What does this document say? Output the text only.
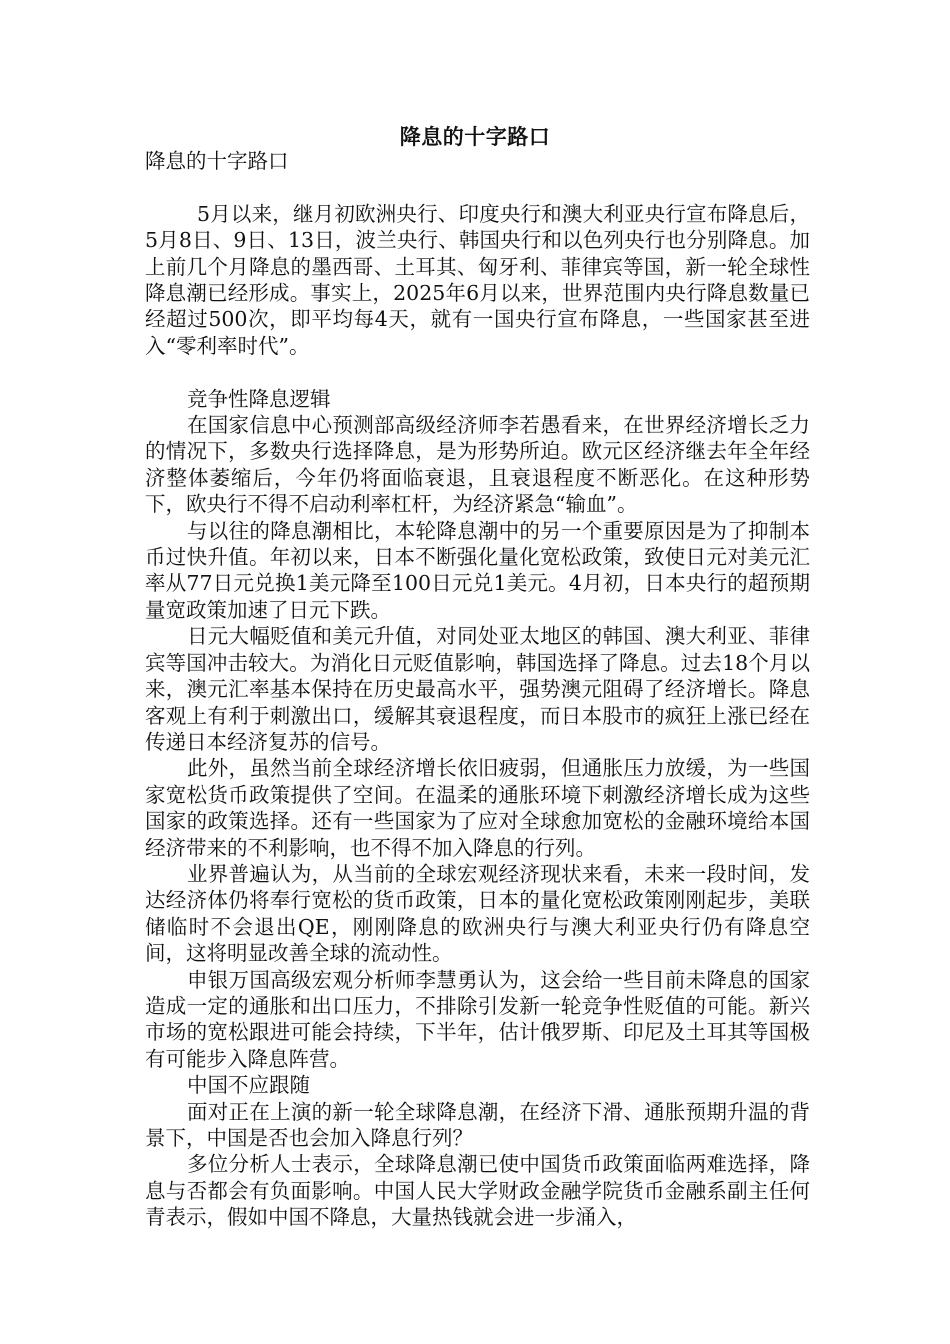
降息的十字路口

降息的十字路口

5月以来，继月初欧洲央行、印度央行和澳大利亚央行宣布降息后，5月8日、9日、13日，波兰央行、韩国央行和以色列央行也分别降息。加上前几个月降息的墨西哥、土耳其、匈牙利、菲律宾等国，新一轮全球性降息潮已经形成。事实上，2025年6月以来，世界范围内央行降息数量已经超过500次，即平均每4天，就有一国央行宣布降息，一些国家甚至进入“零利率时代”。

竞争性降息逻辑

在国家信息中心预测部高级经济师李若愚看来，在世界经济增长乏力的情况下，多数央行选择降息，是为形势所迫。欧元区经济继去年全年经济整体萎缩后，今年仍将面临衰退，且衰退程度不断恶化。在这种形势下，欧央行不得不启动利率杠杆，为经济紧急“输血”。

与以往的降息潮相比，本轮降息潮中的另一个重要原因是为了抑制本币过快升值。年初以来，日本不断强化量化宽松政策，致使日元对美元汇率从77日元兑换1美元降至100日元兑1美元。4月初，日本央行的超预期量宽政策加速了日元下跌。

日元大幅贬值和美元升值，对同处亚太地区的韩国、澳大利亚、菲律宾等国冲击较大。为消化日元贬值影响，韩国选择了降息。过去18个月以来，澳元汇率基本保持在历史最高水平，强势澳元阻碍了经济增长。降息客观上有利于刺激出口，缓解其衰退程度，而日本股市的疯狂上涨已经在传递日本经济复苏的信号。

此外，虽然当前全球经济增长依旧疲弱，但通胀压力放缓，为一些国家宽松货币政策提供了空间。在温柔的通胀环境下刺激经济增长成为这些国家的政策选择。还有一些国家为了应对全球愈加宽松的金融环境给本国经济带来的不利影响，也不得不加入降息的行列。

业界普遍认为，从当前的全球宏观经济现状来看，未来一段时间，发达经济体仍将奉行宽松的货币政策，日本的量化宽松政策刚刚起步，美联储临时不会退出QE，刚刚降息的欧洲央行与澳大利亚央行仍有降息空间，这将明显改善全球的流动性。

申银万国高级宏观分析师李慧勇认为，这会给一些目前未降息的国家造成一定的通胀和出口压力，不排除引发新一轮竞争性贬值的可能。新兴市场的宽松跟进可能会持续，下半年，估计俄罗斯、印尼及土耳其等国极有可能步入降息阵营。

中国不应跟随

面对正在上演的新一轮全球降息潮，在经济下滑、通胀预期升温的背景下，中国是否也会加入降息行列？

多位分析人士表示，全球降息潮已使中国货币政策面临两难选择，降息与否都会有负面影响。中国人民大学财政金融学院货币金融系副主任何青表示，假如中国不降息，大量热钱就会进一步涌入，
